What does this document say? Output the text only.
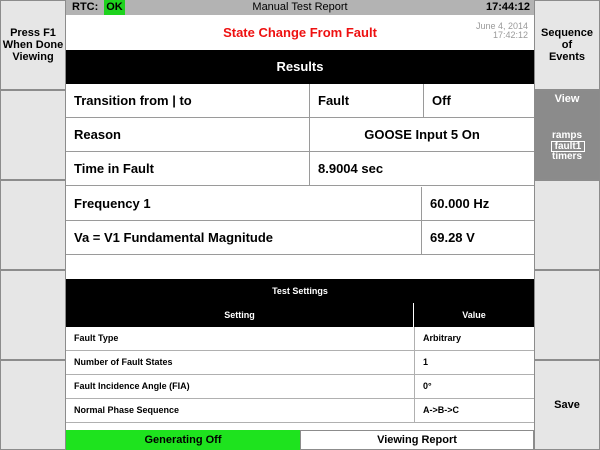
Press F1
When Done
Viewing
Sequence
of
Events
View
ramps
fault1
timers
Save
Manual Test Report
RTC: OK	17:44:12
State Change From Fault	June 4, 2014
17:42:12
Results
Transition from | to	Fault	Off
Reason	GOOSE Input 5 On
Time in Fault	8.9004 sec
Frequency 1	60.000 Hz
Va = V1 Fundamental Magnitude	69.28 V
Test Settings
Setting	Value
Fault Type	Arbitrary
Number of Fault States	1
Fault Incidence Angle (FIA)	0°
Normal Phase Sequence	A->B->C
Generating Off	Viewing Report
